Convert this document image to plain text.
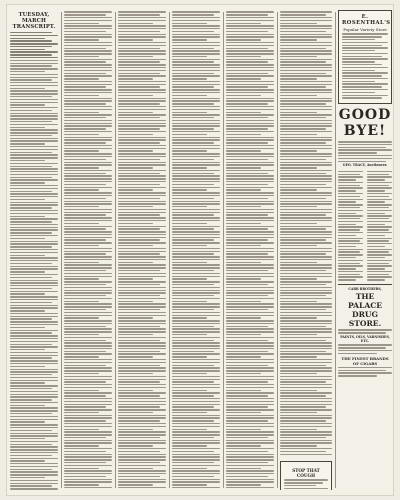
TUESDAY, MARCH TRANSCRIPT.
STOP THAT COUGH
E. ROSENTHAL'S
Popular Variety Store
GOOD BYE!
GEO. TRACY, Auctioneer.
CARR BROTHERS,
THE PALACE DRUG STORE.
PAINTS, OILS, VARNISHES, ETC.
THE FINEST BRANDS OF CIGARS
